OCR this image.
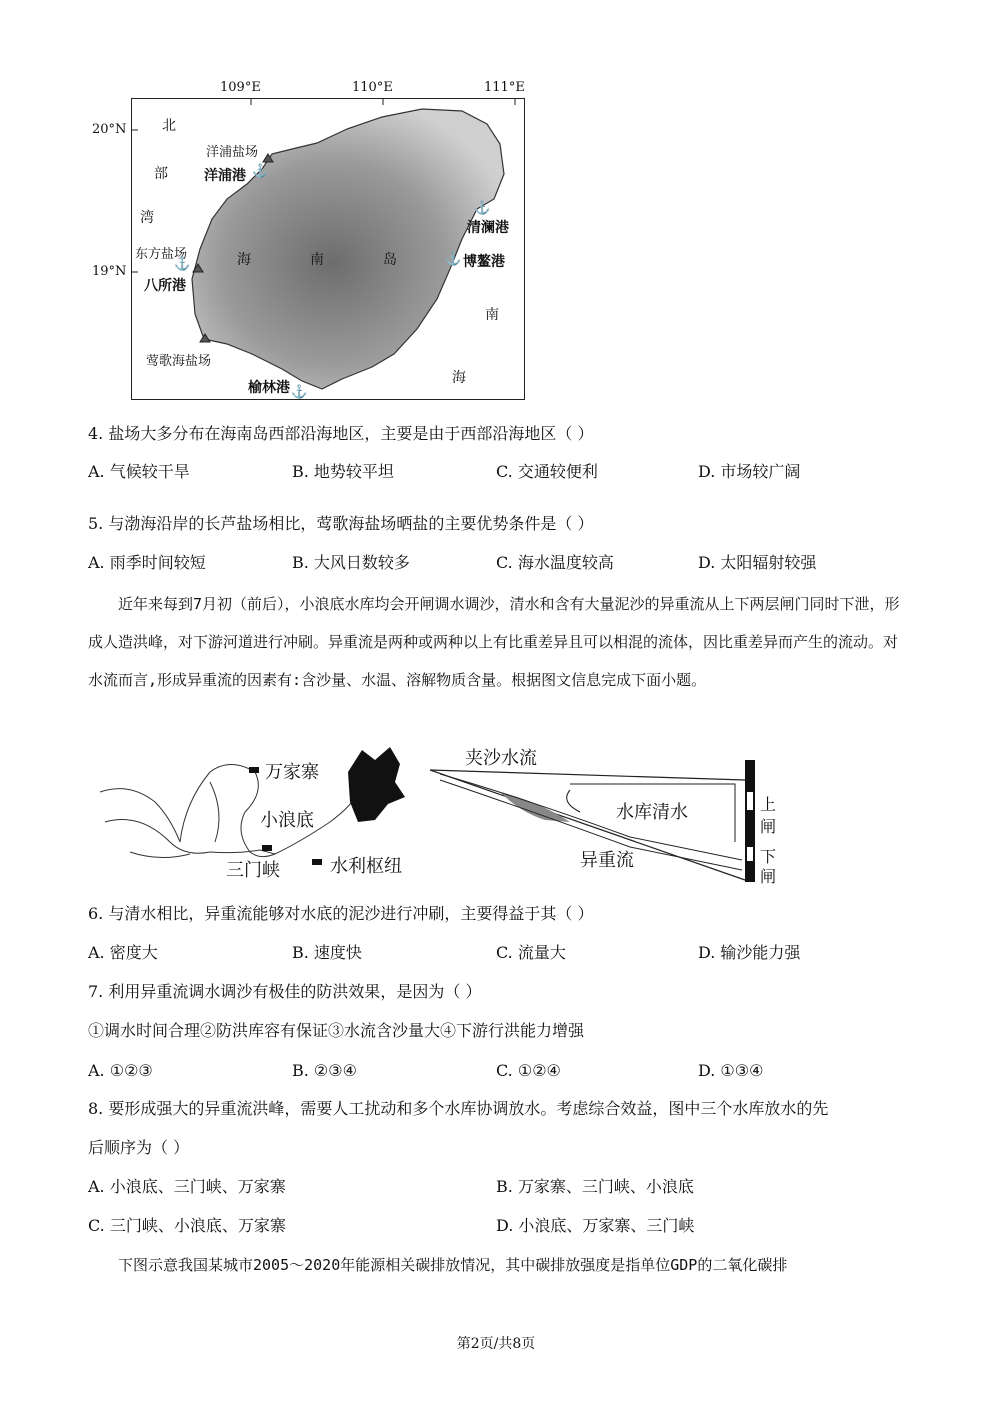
109°E	110°E	111°E
20°N
19°N
北
部
湾
海	南	岛
南
海
洋浦盐场
东方盐场
莺歌海盐场
洋浦港 ⚓
八所港
⚓
清澜港
⚓
博鳌港
⚓
榆林港 ⚓
4. 盐场大多分布在海南岛西部沿海地区，主要是由于西部沿海地区（ ）
A. 气候较干旱	B. 地势较平坦	C. 交通较便利	D. 市场较广阔
5. 与渤海沿岸的长芦盐场相比，莺歌海盐场晒盐的主要优势条件是（ ）
A. 雨季时间较短	B. 大风日数较多	C. 海水温度较高	D. 太阳辐射较强
近年来每到7月初（前后），小浪底水库均会开闸调水调沙，清水和含有大量泥沙的异重流从上下两层闸门同时下泄，形成人造洪峰，对下游河道进行冲刷。异重流是两种或两种以上有比重差异且可以相混的流体，因比重差异而产生的流动。对水流而言,形成异重流的因素有:含沙量、水温、溶解物质含量。根据图文信息完成下面小题。
万家寨
小浪底
三门峡	水利枢纽
夹沙水流
水库清水
异重流
上
闸
下
闸
6. 与清水相比，异重流能够对水底的泥沙进行冲刷，主要得益于其（ ）
A. 密度大	B. 速度快	C. 流量大	D. 输沙能力强
7. 利用异重流调水调沙有极佳的防洪效果，是因为（ ）
①调水时间合理②防洪库容有保证③水流含沙量大④下游行洪能力增强
A. ①②③	B. ②③④	C. ①②④	D. ①③④
8. 要形成强大的异重流洪峰，需要人工扰动和多个水库协调放水。考虑综合效益，图中三个水库放水的先
后顺序为（ ）
A. 小浪底、三门峡、万家寨	B. 万家寨、三门峡、小浪底
C. 三门峡、小浪底、万家寨	D. 小浪底、万家寨、三门峡
下图示意我国某城市2005～2020年能源相关碳排放情况，其中碳排放强度是指单位GDP的二氧化碳排
第2页/共8页
